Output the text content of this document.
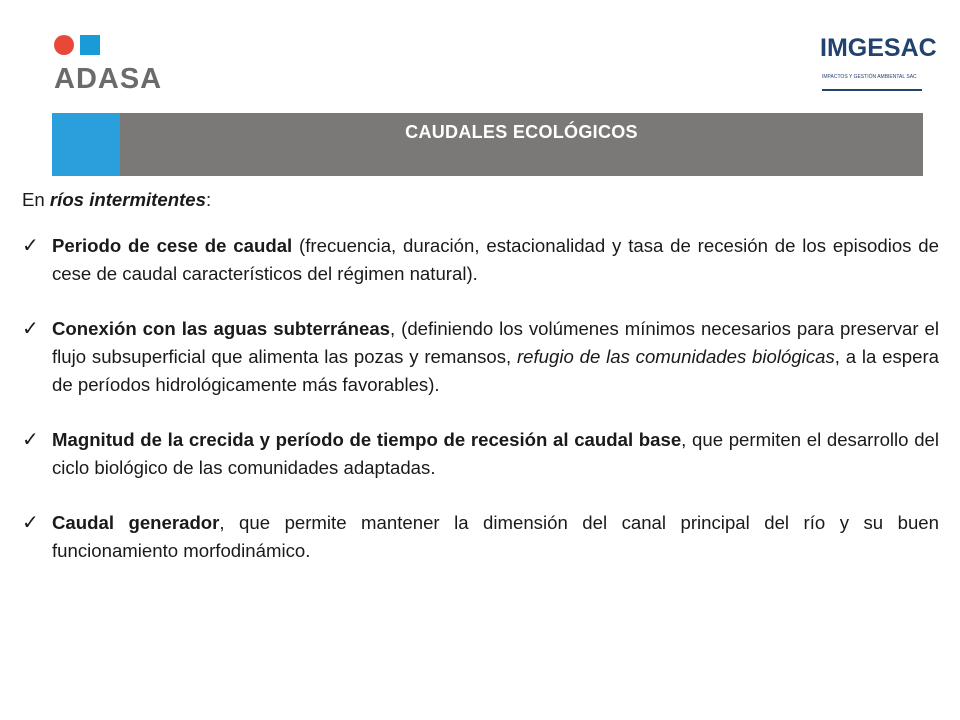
ADASA
IMGESAC
IMPACTOS Y GESTIÓN AMBIENTAL SAC
CAUDALES ECOLÓGICOS

En ríos intermitentes:

✓ Periodo de cese de caudal (frecuencia, duración, estacionalidad y tasa de recesión de los episodios de cese de caudal característicos del régimen natural).
✓ Conexión con las aguas subterráneas, (definiendo los volúmenes mínimos necesarios para preservar el flujo subsuperficial que alimenta las pozas y remansos, refugio de las comunidades biológicas, a la espera de períodos hidrológicamente más favorables).
✓ Magnitud de la crecida y período de tiempo de recesión al caudal base, que permiten el desarrollo del ciclo biológico de las comunidades adaptadas.
✓ Caudal generador, que permite mantener la dimensión del canal principal del río y su buen funcionamiento morfodinámico.
